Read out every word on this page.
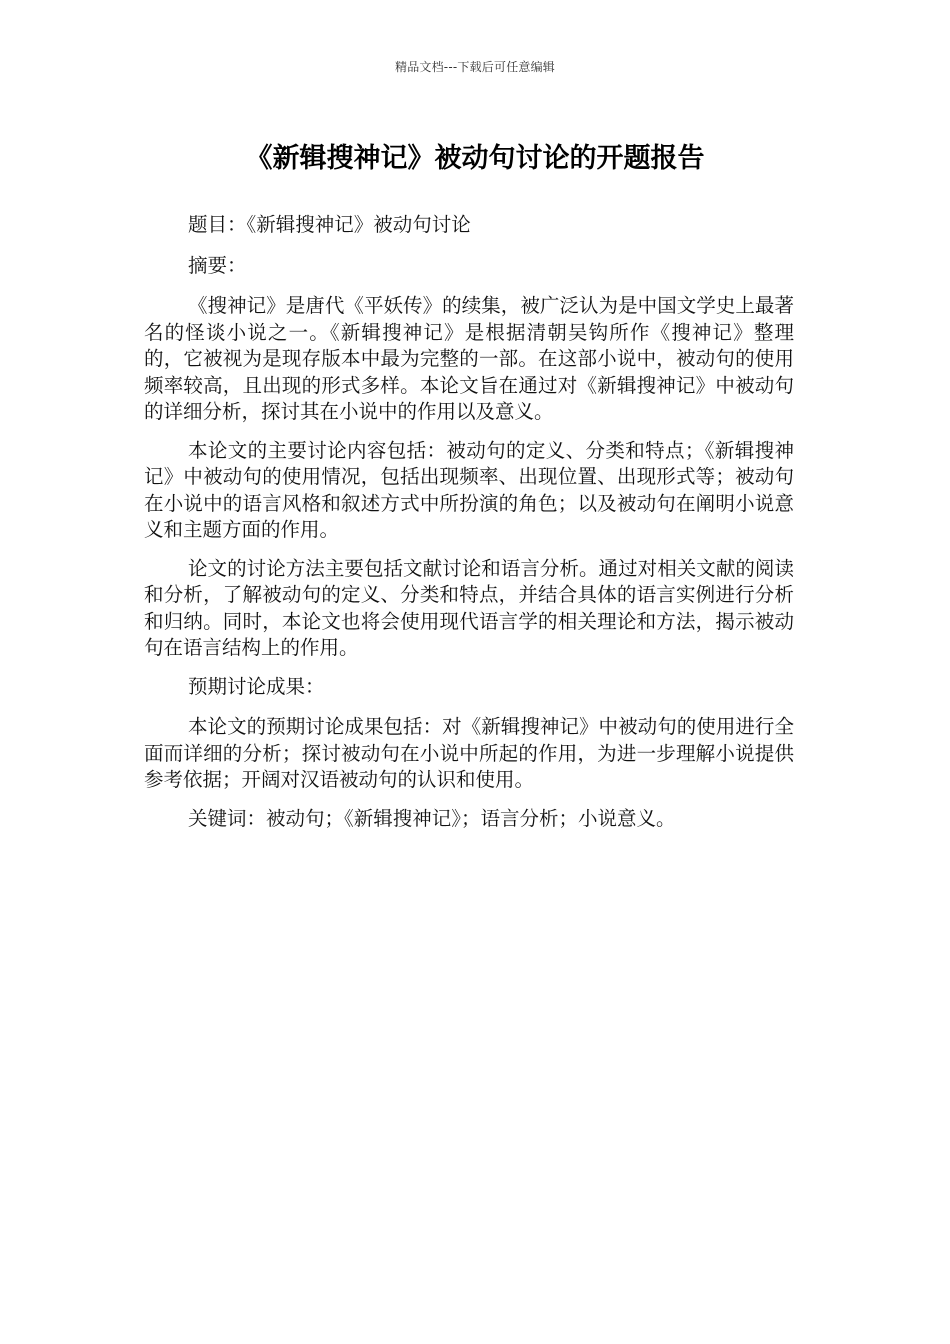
精品文档---下载后可任意编辑
《新辑搜神记》被动句讨论的开题报告

题目：《新辑搜神记》被动句讨论

摘要：

《搜神记》是唐代《平妖传》的续集，被广泛认为是中国文学史上最著名的怪谈小说之一。《新辑搜神记》是根据清朝吴钩所作《搜神记》整理的，它被视为是现存版本中最为完整的一部。在这部小说中，被动句的使用频率较高，且出现的形式多样。本论文旨在通过对《新辑搜神记》中被动句的详细分析，探讨其在小说中的作用以及意义。

本论文的主要讨论内容包括：被动句的定义、分类和特点；《新辑搜神记》中被动句的使用情况，包括出现频率、出现位置、出现形式等；被动句在小说中的语言风格和叙述方式中所扮演的角色；以及被动句在阐明小说意义和主题方面的作用。

论文的讨论方法主要包括文献讨论和语言分析。通过对相关文献的阅读和分析，了解被动句的定义、分类和特点，并结合具体的语言实例进行分析和归纳。同时，本论文也将会使用现代语言学的相关理论和方法，揭示被动句在语言结构上的作用。

预期讨论成果：

本论文的预期讨论成果包括：对《新辑搜神记》中被动句的使用进行全面而详细的分析；探讨被动句在小说中所起的作用，为进一步理解小说提供参考依据；开阔对汉语被动句的认识和使用。

关键词：被动句；《新辑搜神记》；语言分析；小说意义。
